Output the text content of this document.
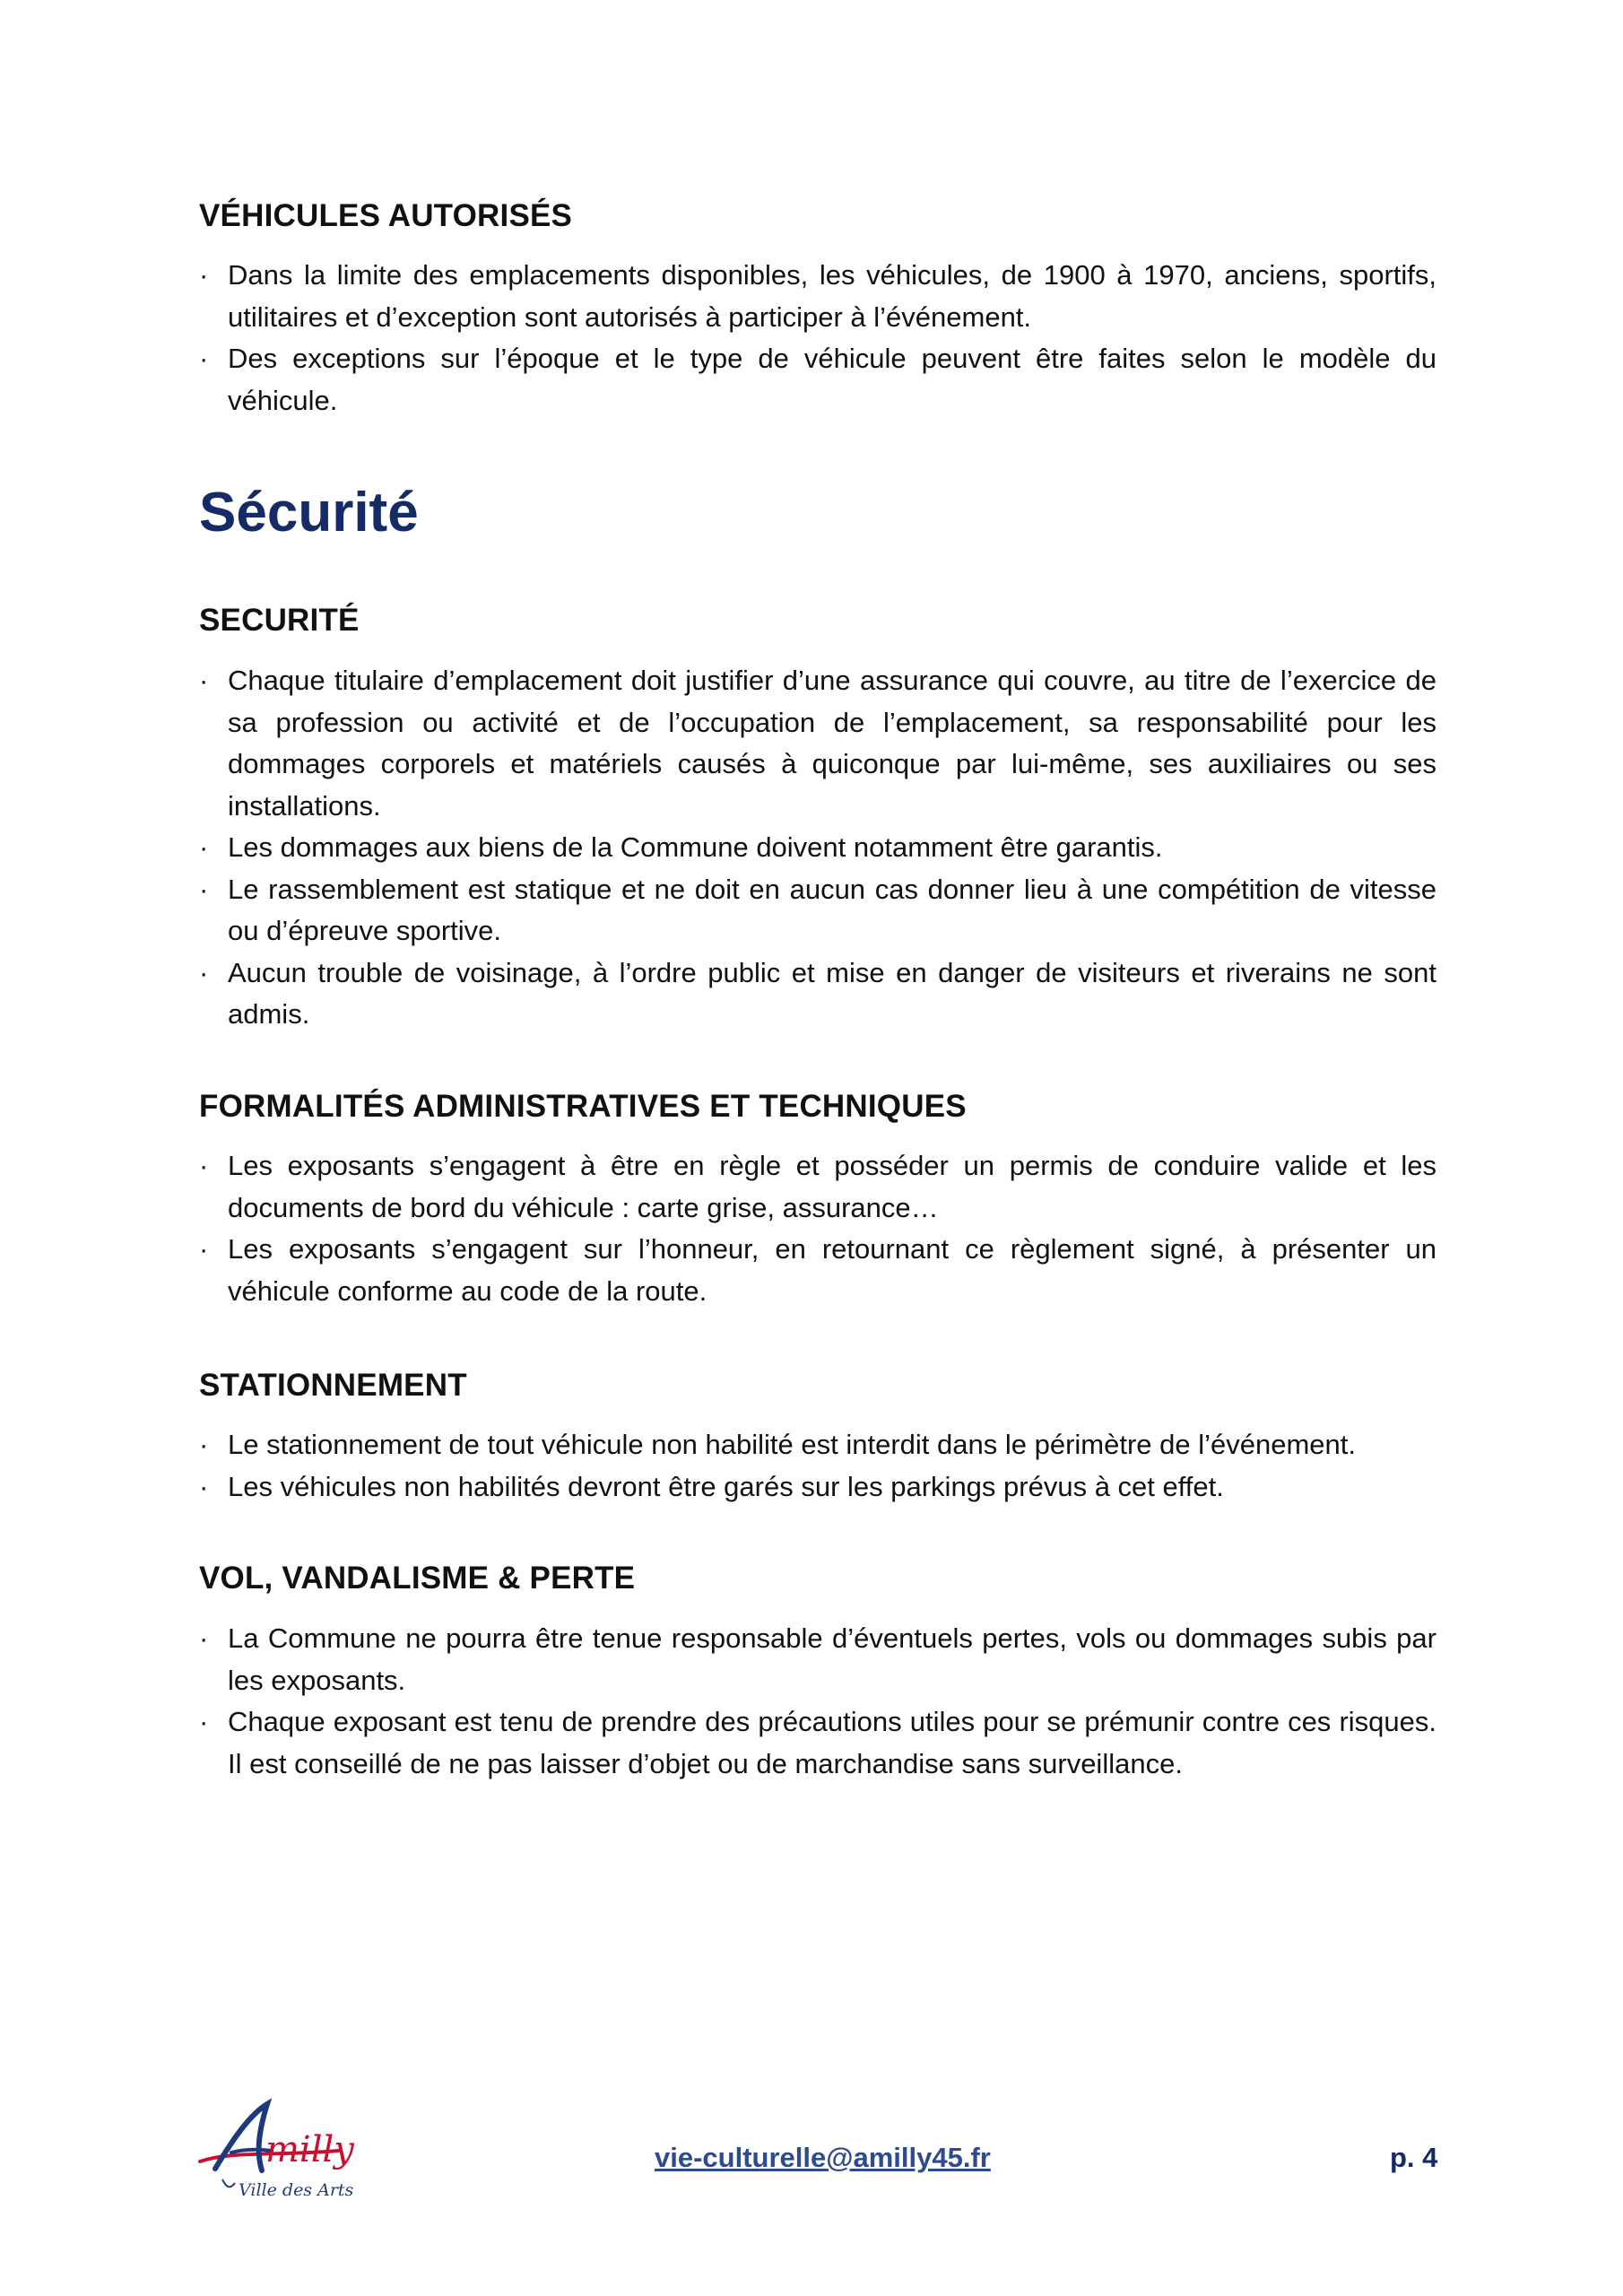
VÉHICULES AUTORISÉS
· Dans la limite des emplacements disponibles, les véhicules, de 1900 à 1970, anciens, sportifs, utilitaires et d’exception sont autorisés à participer à l’événement.
· Des exceptions sur l’époque et le type de véhicule peuvent être faites selon le modèle du véhicule.
Sécurité
SECURITÉ
· Chaque titulaire d’emplacement doit justifier d’une assurance qui couvre, au titre de l’exercice de sa profession ou activité et de l’occupation de l’emplacement, sa responsabilité pour les dommages corporels et matériels causés à quiconque par lui-même, ses auxiliaires ou ses installations.
· Les dommages aux biens de la Commune doivent notamment être garantis.
· Le rassemblement est statique et ne doit en aucun cas donner lieu à une compétition de vitesse ou d’épreuve sportive.
· Aucun trouble de voisinage, à l’ordre public et mise en danger de visiteurs et riverains ne sont admis.
FORMALITÉS ADMINISTRATIVES ET TECHNIQUES
· Les exposants s’engagent à être en règle et posséder un permis de conduire valide et les documents de bord du véhicule : carte grise, assurance…
· Les exposants s’engagent sur l’honneur, en retournant ce règlement signé, à présenter un véhicule conforme au code de la route.
STATIONNEMENT
· Le stationnement de tout véhicule non habilité est interdit dans le périmètre de l’événement.
· Les véhicules non habilités devront être garés sur les parkings prévus à cet effet.
VOL, VANDALISME & PERTE
· La Commune ne pourra être tenue responsable d’éventuels pertes, vols ou dommages subis par les exposants.
· Chaque exposant est tenu de prendre des précautions utiles pour se prémunir contre ces risques. Il est conseillé de ne pas laisser d’objet ou de marchandise sans surveillance.
milly
Ville des Arts
vie-culturelle@amilly45.fr	p. 4
